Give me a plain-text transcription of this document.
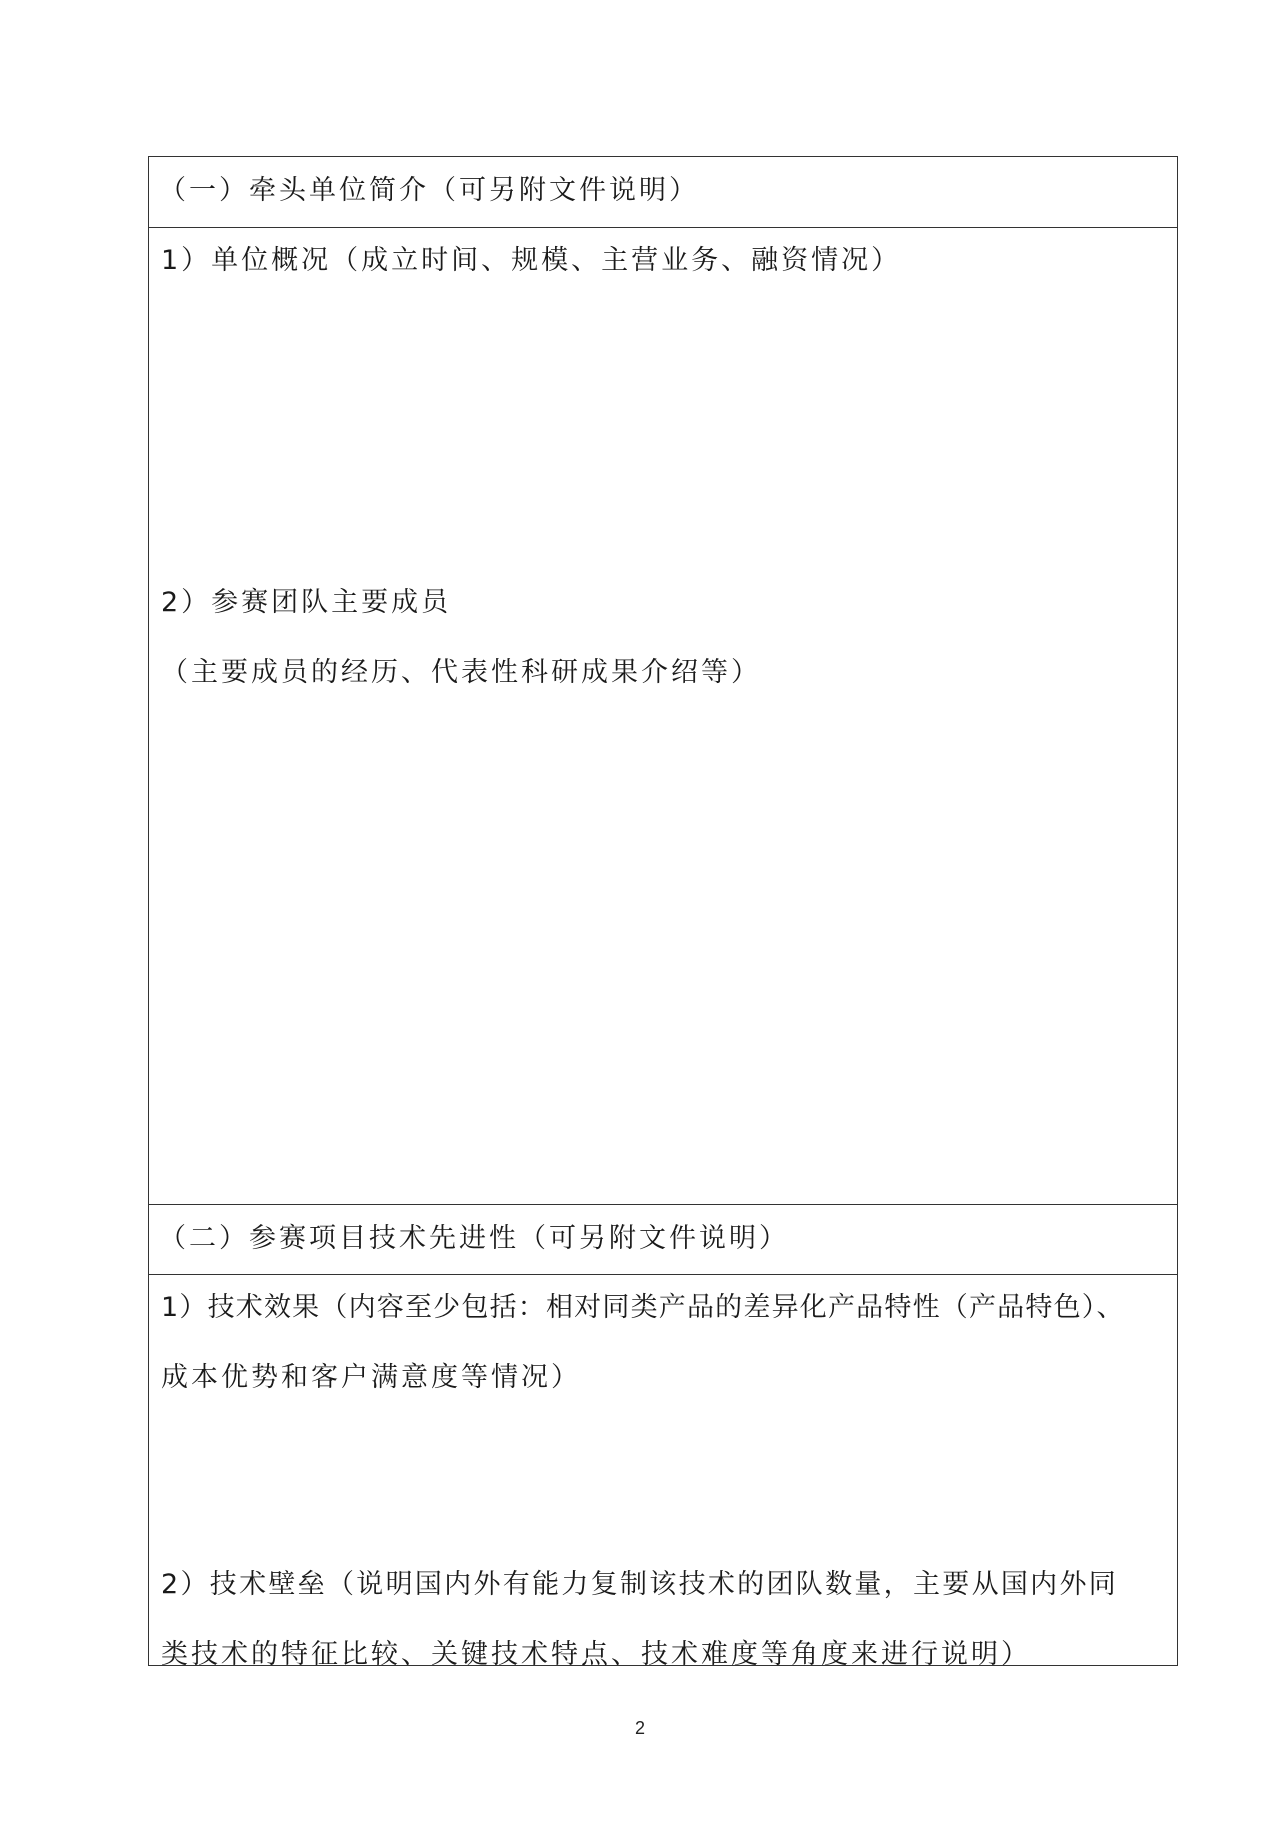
（一）牵头单位简介（可另附文件说明）
1）单位概况（成立时间、规模、主营业务、融资情况）
2）参赛团队主要成员
（主要成员的经历、代表性科研成果介绍等）
（二）参赛项目技术先进性（可另附文件说明）
1）技术效果（内容至少包括：相对同类产品的差异化产品特性（产品特色）、
成本优势和客户满意度等情况）
2）技术壁垒（说明国内外有能力复制该技术的团队数量，主要从国内外同
类技术的特征比较、关键技术特点、技术难度等角度来进行说明）
2
